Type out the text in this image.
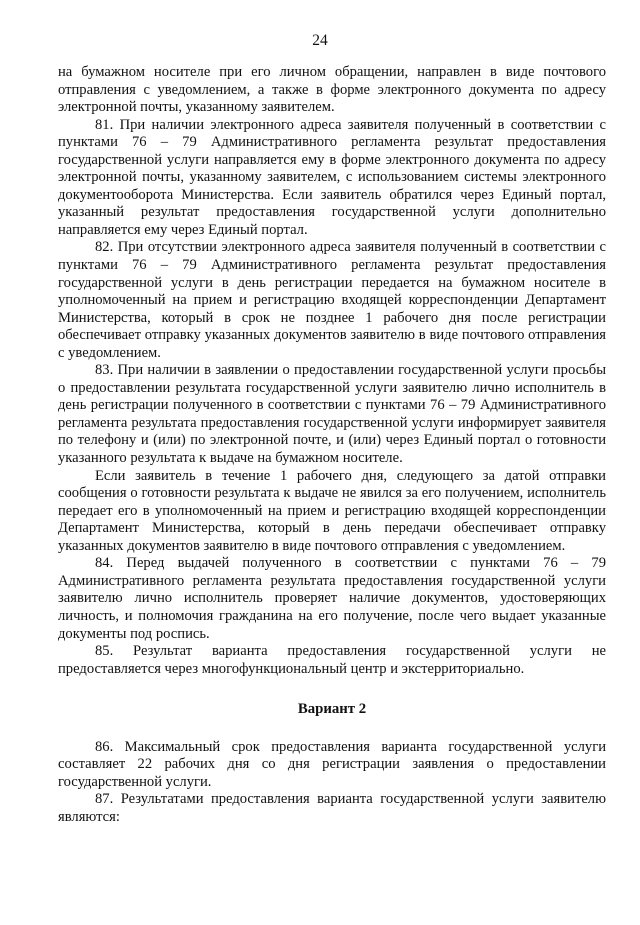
24

на бумажном носителе при его личном обращении, направлен в виде почтового отправления с уведомлением, а также в форме электронного документа по адресу электронной почты, указанному заявителем.

81. При наличии электронного адреса заявителя полученный в соответствии с пунктами 76 – 79 Административного регламента результат предоставления государственной услуги направляется ему в форме электронного документа по адресу электронной почты, указанному заявителем, с использованием системы электронного документооборота Министерства. Если заявитель обратился через Единый портал, указанный результат предоставления государственной услуги дополнительно направляется ему через Единый портал.

82. При отсутствии электронного адреса заявителя полученный в соответствии с пунктами 76 – 79 Административного регламента результат предоставления государственной услуги в день регистрации передается на бумажном носителе в уполномоченный на прием и регистрацию входящей корреспонденции Департамент Министерства, который в срок не позднее 1 рабочего дня после регистрации обеспечивает отправку указанных документов заявителю в виде почтового отправления с уведомлением.

83. При наличии в заявлении о предоставлении государственной услуги просьбы о предоставлении результата государственной услуги заявителю лично исполнитель в день регистрации полученного в соответствии с пунктами 76 – 79 Административного регламента результата предоставления государственной услуги информирует заявителя по телефону и (или) по электронной почте, и (или) через Единый портал о готовности указанного результата к выдаче на бумажном носителе.

Если заявитель в течение 1 рабочего дня, следующего за датой отправки сообщения о готовности результата к выдаче не явился за его получением, исполнитель передает его в уполномоченный на прием и регистрацию входящей корреспонденции Департамент Министерства, который в день передачи обеспечивает отправку указанных документов заявителю в виде почтового отправления с уведомлением.

84. Перед выдачей полученного в соответствии с пунктами 76 – 79 Административного регламента результата предоставления государственной услуги заявителю лично исполнитель проверяет наличие документов, удостоверяющих личность, и полномочия гражданина на его получение, после чего выдает указанные документы под роспись.

85. Результат варианта предоставления государственной услуги не предоставляется через многофункциональный центр и экстерриториально.

Вариант 2

86. Максимальный срок предоставления варианта государственной услуги составляет 22 рабочих дня со дня регистрации заявления о предоставлении государственной услуги.

87. Результатами предоставления варианта государственной услуги заявителю являются:
